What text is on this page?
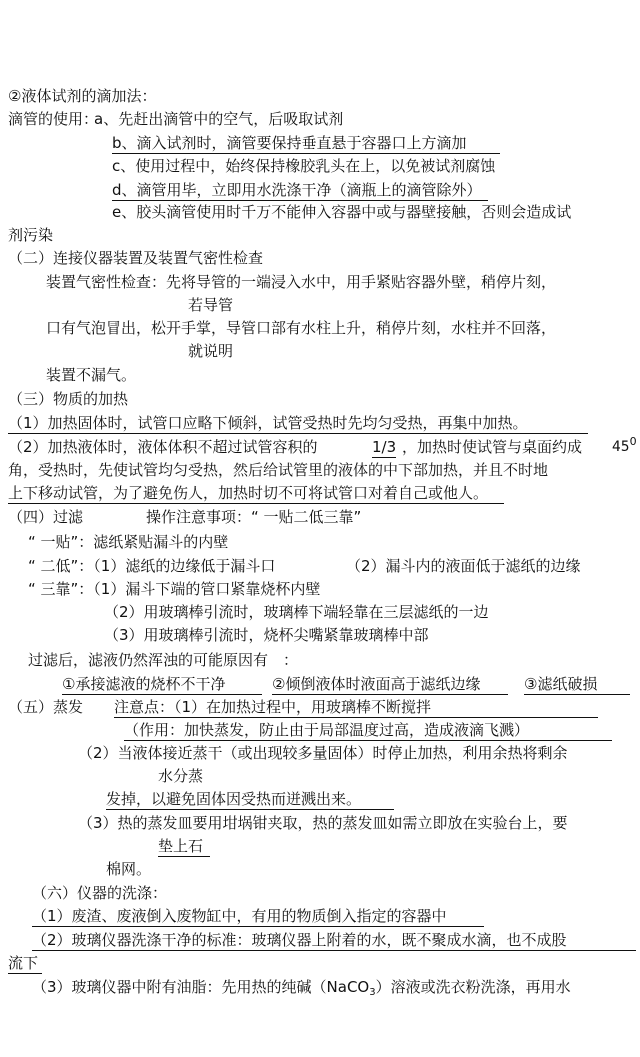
②液体试剂的滴加法：
滴管的使用：
a、先赶出滴管中的空气，后吸取试剂
b、滴入试剂时，滴管要保持垂直悬于容器口上方滴加
c、使用过程中，始终保持橡胶乳头在上，以免被试剂腐蚀
d、滴管用毕，立即用水洗涤干净（滴瓶上的滴管除外）
e、胶头滴管使用时千万不能伸入容器中或与器壁接触，否则会造成试
剂污染
（二）连接仪器装置及装置气密性检查
装置气密性检查：先将导管的一端浸入水中，用手紧贴容器外壁，稍停片刻，
若导管
口有气泡冒出，松开手掌，导管口部有水柱上升，稍停片刻，水柱并不回落，
就说明
装置不漏气。
（三）物质的加热
（1）加热固体时，试管口应略下倾斜，试管受热时先均匀受热，再集中加热。
（2）加热液体时，液体体积不超过试管容积的	1/3 ，加热时使试管与桌面约成 $45^0$
角，受热时，先使试管均匀受热，然后给试管里的液体的中下部加热，并且不时地
上下移动试管，为了避免伤人，加热时切不可将试管口对着自己或他人。
（四）过滤	操作注意事项：“ 一贴二低三靠”
“ 一贴”：滤纸紧贴漏斗的内壁
“ 二低”：（1）滤纸的边缘低于漏斗口	（2）漏斗内的液面低于滤纸的边缘
“ 三靠”：（1）漏斗下端的管口紧靠烧杯内壁
（2）用玻璃棒引流时，玻璃棒下端轻靠在三层滤纸的一边
（3）用玻璃棒引流时，烧杯尖嘴紧靠玻璃棒中部
过滤后，滤液仍然浑浊的可能原因有　：
①承接滤液的烧杯不干净	②倾倒液体时液面高于滤纸边缘	③滤纸破损
（五）蒸发 注意点：（1）在加热过程中，用玻璃棒不断搅拌
（作用：加快蒸发，防止由于局部温度过高，造成液滴飞溅）
（2）当液体接近蒸干（或出现较多量固体）时停止加热，利用余热将剩余
水分蒸
发掉，以避免固体因受热而迸溅出来。
（3）热的蒸发皿要用坩埚钳夹取，热的蒸发皿如需立即放在实验台上，要
垫上石
棉网。
（六）仪器的洗涤：
（1）废渣、废液倒入废物缸中，有用的物质倒入指定的容器中
（2）玻璃仪器洗涤干净的标准：玻璃仪器上附着的水，既不聚成水滴，也不成股
流下
（3）玻璃仪器中附有油脂：先用热的纯碱（NaCO$_3$）溶液或洗衣粉洗涤，再用水
